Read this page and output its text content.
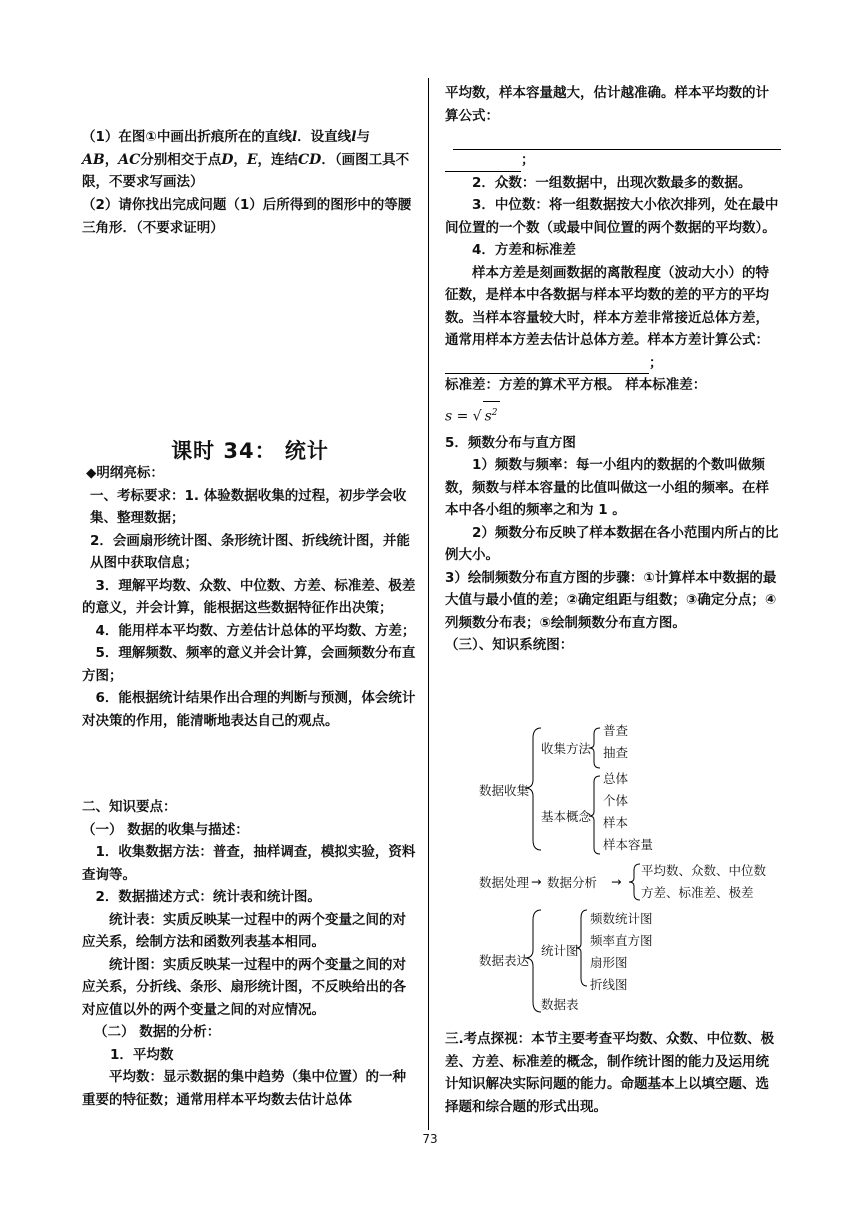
（1）在图①中画出折痕所在的直线l．设直线l与
AB，AC分别相交于点D，E，连结CD．（画图工具不限，不要求写画法）

（2）请你找出完成问题（1）后所得到的图形中的等腰三角形．（不要求证明）

课时 34： 统计

◆明纲亮标：

一、考标要求：1. 体验数据收集的过程，初步学会收集、整理数据；

2．会画扇形统计图、条形统计图、折线统计图，并能从图中获取信息；

3．理解平均数、众数、中位数、方差、标准差、极差的意义，并会计算，能根据这些数据特征作出决策；

4．能用样本平均数、方差估计总体的平均数、方差；

5．理解频数、频率的意义并会计算，会画频数分布直方图；

6．能根据统计结果作出合理的判断与预测，体会统计对决策的作用，能清晰地表达自己的观点。

二、知识要点：

（一） 数据的收集与描述：

1．收集数据方法：普查，抽样调查，模拟实验，资料查询等。

2．数据描述方式：统计表和统计图。

统计表：实质反映某一过程中的两个变量之间的对应关系，绘制方法和函数列表基本相同。

统计图：实质反映某一过程中的两个变量之间的对应关系，分折线、条形、扇形统计图，不反映给出的各对应值以外的两个变量之间的对应情况。

（二） 数据的分析：

1．平均数

平均数：显示数据的集中趋势（集中位置）的一种重要的特征数；通常用样本平均数去估计总体

平均数，样本容量越大，估计越准确。样本平均数的计算公式：

；

2．众数：一组数据中，出现次数最多的数据。

3．中位数：将一组数据按大小依次排列，处在最中间位置的一个数（或最中间位置的两个数据的平均数）。

4．方差和标准差

样本方差是刻画数据的离散程度（波动大小）的特征数，是样本中各数据与样本平均数的差的平方的平均数。当样本容量较大时，样本方差非常接近总体方差，通常用样本方差去估计总体方差。样本方差计算公式：；

标准差：方差的算术平方根。 样本标准差：

s = √ $s^2$

5．频数分布与直方图

1）频数与频率：每一小组内的数据的个数叫做频数，频数与样本容量的比值叫做这一小组的频率。在样本中各小组的频率之和为 1 。

2）频数分布反映了样本数据在各小范围内所占的比例大小。

3）绘制频数分布直方图的步骤：①计算样本中数据的最大值与最小值的差；②确定组距与组数；③确定分点；④列频数分布表；⑤绘制频数分布直方图。

（三）、知识系统图：

数据收集
收集方法
普查
抽查
基本概念
总体
个体
样本
样本容量
数据处理 → 数据分析 →
平均数、众数、中位数
方差、标准差、极差
数据表达
统计图
频数统计图
频率直方图
扇形图
折线图
数据表

三.考点探视：本节主要考查平均数、众数、中位数、极差、方差、标准差的概念，制作统计图的能力及运用统计知识解决实际问题的能力。命题基本上以填空题、选择题和综合题的形式出现。

73
